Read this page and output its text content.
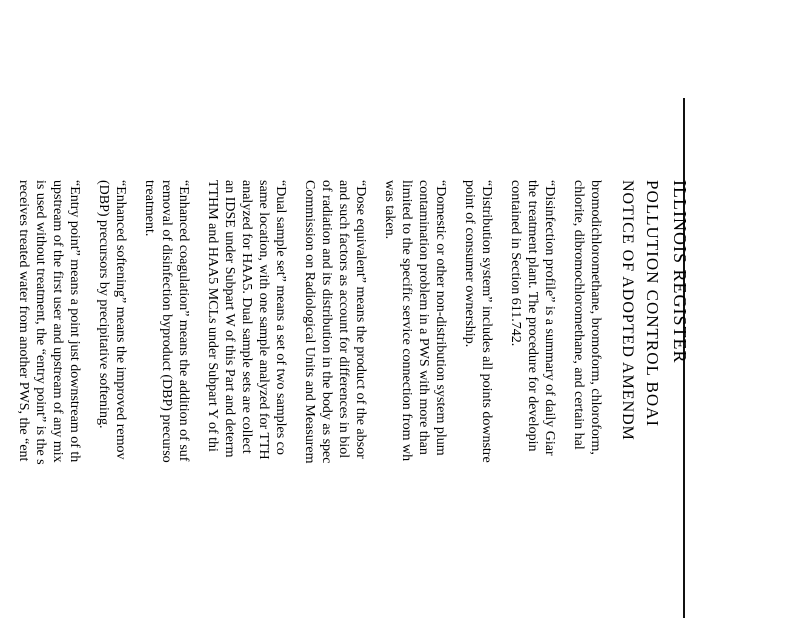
ILLINOIS REGISTER
POLLUTION CONTROL BOAI
NOTICE OF ADOPTED AMENDM
bromodichloromethane, bromoform, chloroform,
chlorite, dibromochloromethane, and certain hal
“Disinfection profile” is a summary of daily Giar
the treatment plant. The procedure for developin
contained in Section 611.742.
“Distribution system” includes all points downstre
point of consumer ownership.
“Domestic or other non-distribution system plum
contamination problem in a PWS with more than
limited to the specific service connection from wh
was taken.
“Dose equivalent” means the product of the absor
and such factors as account for differences in biol
of radiation and its distribution in the body as spec
Commission on Radiological Units and Measurem
“Dual sample set” means a set of two samples co
same location, with one sample analyzed for TTH
analyzed for HAA5. Dual sample sets are collect
an IDSE under Subpart W of this Part and determ
TTHM and HAA5 MCLs under Subpart Y of thi
“Enhanced coagulation” means the addition of suf
removal of disinfection byproduct (DBP) precurso
treatment.
“Enhanced softening” means the improved remov
(DBP) precursors by precipitative softening.
“Entry point” means a point just downstream of th
upstream of the first user and upstream of any mix
is used without treatment, the “entry point” is the s
receives treated water from another PWS, the “ent
